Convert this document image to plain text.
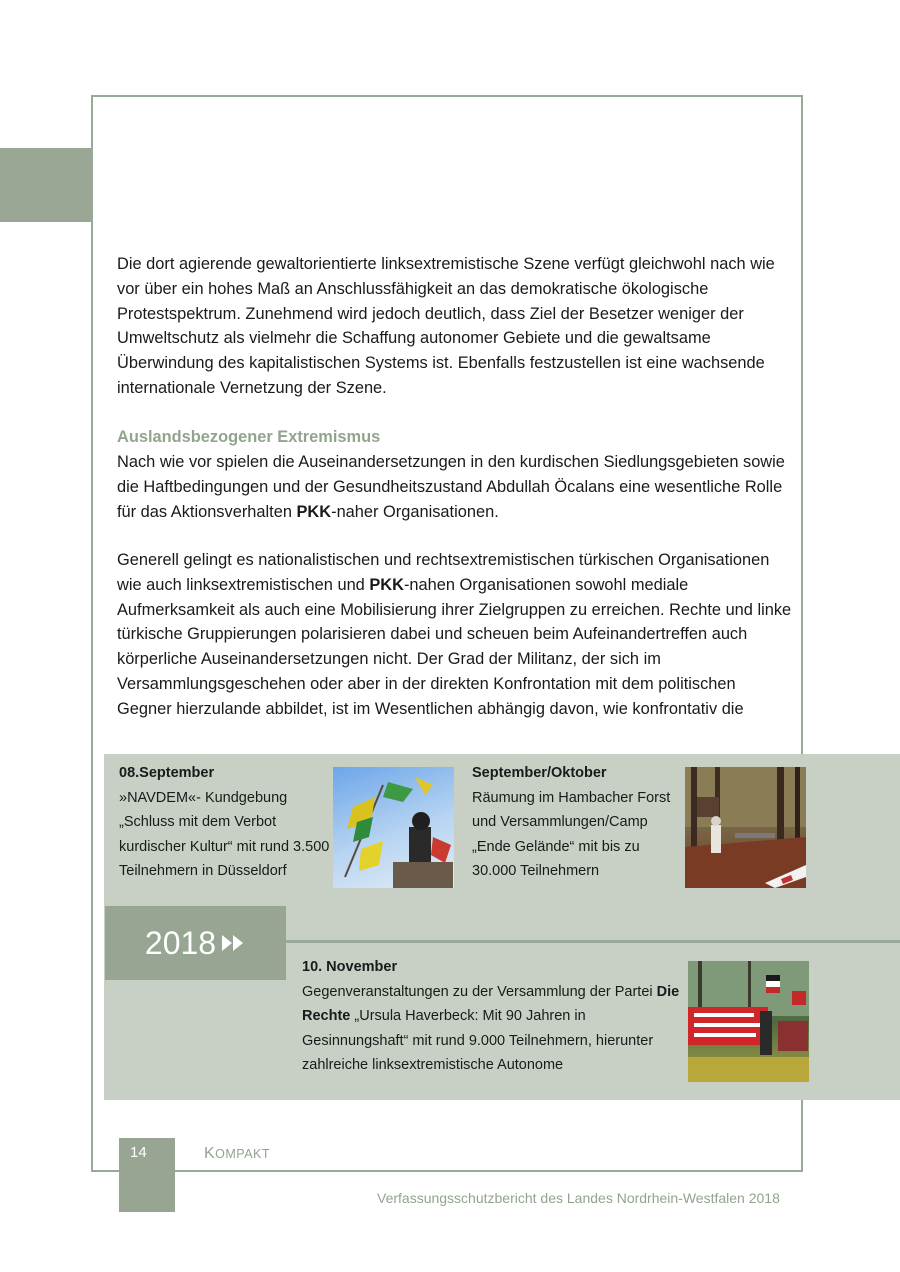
Die dort agierende gewaltorientierte linksextremistische Szene verfügt gleichwohl nach wie vor über ein hohes Maß an Anschlussfähigkeit an das demokratische ökologische Protestspektrum. Zunehmend wird jedoch deutlich, dass Ziel der Besetzer weniger der Umweltschutz als vielmehr die Schaffung autonomer Gebiete und die gewaltsame Überwindung des kapitalistischen Systems ist. Ebenfalls festzustellen ist eine wachsende internationale Vernetzung der Szene.

Auslandsbezogener Extremismus

Nach wie vor spielen die Auseinandersetzungen in den kurdischen Siedlungsgebieten sowie die Haftbedingungen und der Gesundheitszustand Abdullah Öcalans eine wesentliche Rolle für das Aktionsverhalten PKK-naher Organisationen.

Generell gelingt es nationalistischen und rechtsextremistischen türkischen Organisationen wie auch linksextremistischen und PKK-nahen Organisationen sowohl mediale Aufmerksamkeit als auch eine Mobilisierung ihrer Zielgruppen zu erreichen. Rechte und linke türkische Gruppierungen polarisieren dabei und scheuen beim Aufeinandertreffen auch körperliche Auseinandersetzungen nicht. Der Grad der Militanz, der sich im Versammlungsgeschehen oder aber in der direkten Konfrontation mit dem politischen Gegner hierzulande abbildet, ist im Wesentlichen abhängig davon, wie konfrontativ die

08.September
»NAVDEM«- Kundgebung „Schluss mit dem Verbot kurdischer Kultur“ mit rund 3.500 Teilnehmern in Düsseldorf
September/Oktober
Räumung im Hambacher Forst und Versammlungen/Camp „Ende Gelände“ mit bis zu 30.000 Teilnehmern
2018
10. November
Gegenveranstaltungen zu der Versammlung der Partei Die Rechte „Ursula Haverbeck: Mit 90 Jahren in Gesinnungshaft“ mit rund 9.000 Teilnehmern, hierunter zahlreiche linksextremistische Autonome
14	KOMPAKT
Verfassungsschutzbericht des Landes Nordrhein-Westfalen 2018
